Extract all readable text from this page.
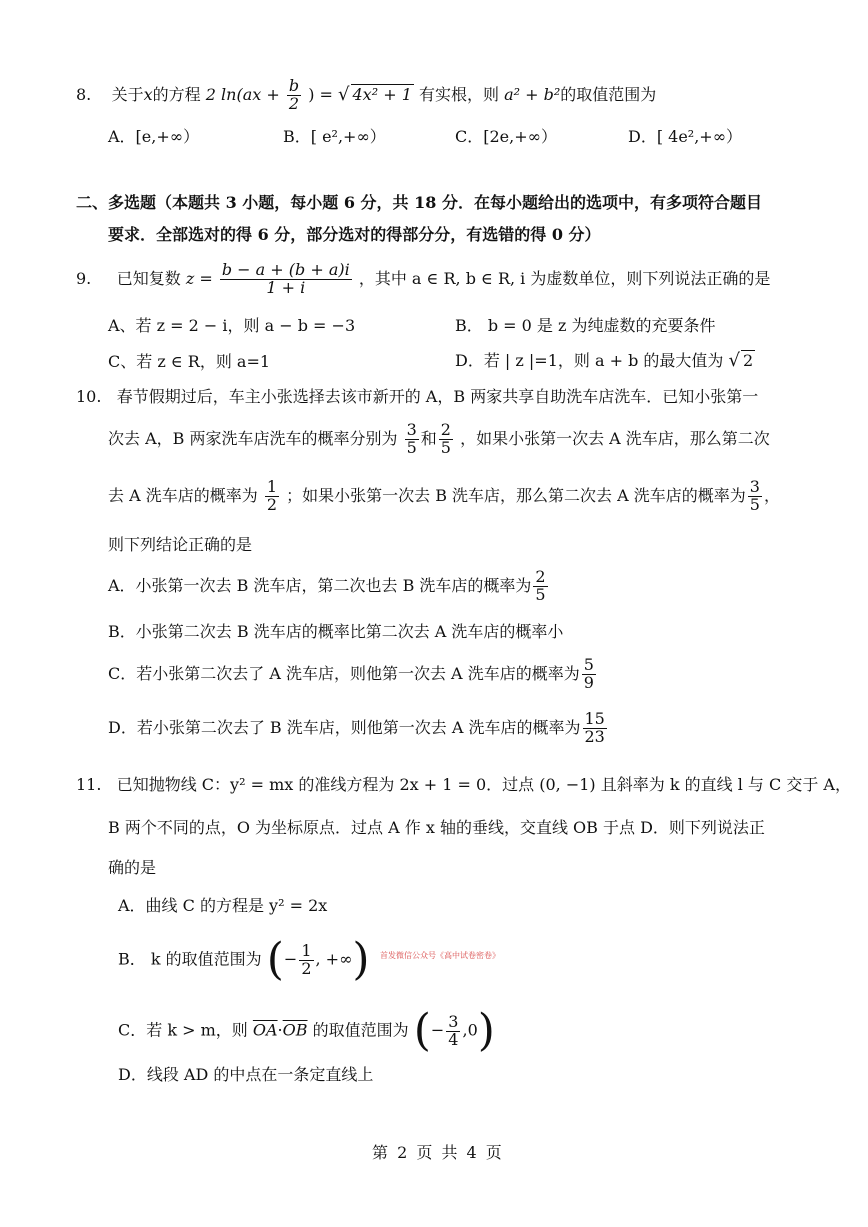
8. 关于x的方程 2 $\ln(ax + \frac{b}{2}$ ) = √ 4x² + 1 有实根，则 a² + b²的取值范围为
A．[e,+∞）	B．[ e²,+∞）	C．[2e,+∞）	D．[ 4e²,+∞）
二、多选题（本题共 3 小题，每小题 6 分，共 18 分．在每小题给出的选项中，有多项符合题目
要求．全部选对的得 6 分，部分选对的得部分分，有选错的得 0 分）
9. 已知复数 $z = \frac{b - a + (b + a)i}{1 + i}$ ，其中 a ∈ R, b ∈ R, i 为虚数单位，则下列说法正确的是
A、若 z = 2 − i，则 a − b = −3	B． b = 0 是 z 为纯虚数的充要条件
C、若 z ∈ R，则 a=1	D．若 | z |=1，则 a + b 的最大值为 √ 2
10. 春节假期过后，车主小张选择去该市新开的 A，B 两家共享自助洗车店洗车．已知小张第一
次去 A，B 两家洗车店洗车的概率分别为 $\frac{3}{5}$ 和 $\frac{2}{5}$ ，如果小张第一次去 A 洗车店，那么第二次
去 A 洗车店的概率为 $\frac{1}{2}$ ；如果小张第一次去 B 洗车店，那么第二次去 A 洗车店的概率为 $\frac{3}{5}$ ，
则下列结论正确的是
A．小张第一次去 B 洗车店，第二次也去 B 洗车店的概率为 $\frac{2}{5}$
B．小张第二次去 B 洗车店的概率比第二次去 A 洗车店的概率小
C．若小张第二次去了 A 洗车店，则他第一次去 A 洗车店的概率为 $\frac{5}{9}$
D．若小张第二次去了 B 洗车店，则他第一次去 A 洗车店的概率为 $\frac{15}{23}$
11. 已知抛物线 C：y² = mx 的准线方程为 2x + 1 = 0．过点 (0, −1) 且斜率为 k 的直线 l 与 C 交于 A，
B 两个不同的点，O 为坐标原点．过点 A 作 x 轴的垂线，交直线 OB 于点 D．则下列说法正
确的是
A．曲线 C 的方程是 y² = 2x
B． k 的取值范围为 (− $\frac{1}{2}$ , +∞) 首发微信公众号《高中试卷密卷》
C．若 k > m，则 $\overline{OA}\cdot\overline{OB}$ 的取值范围为 (− $\frac{3}{4} ,0$)
D．线段 AD 的中点在一条定直线上
第 2 页 共 4 页
